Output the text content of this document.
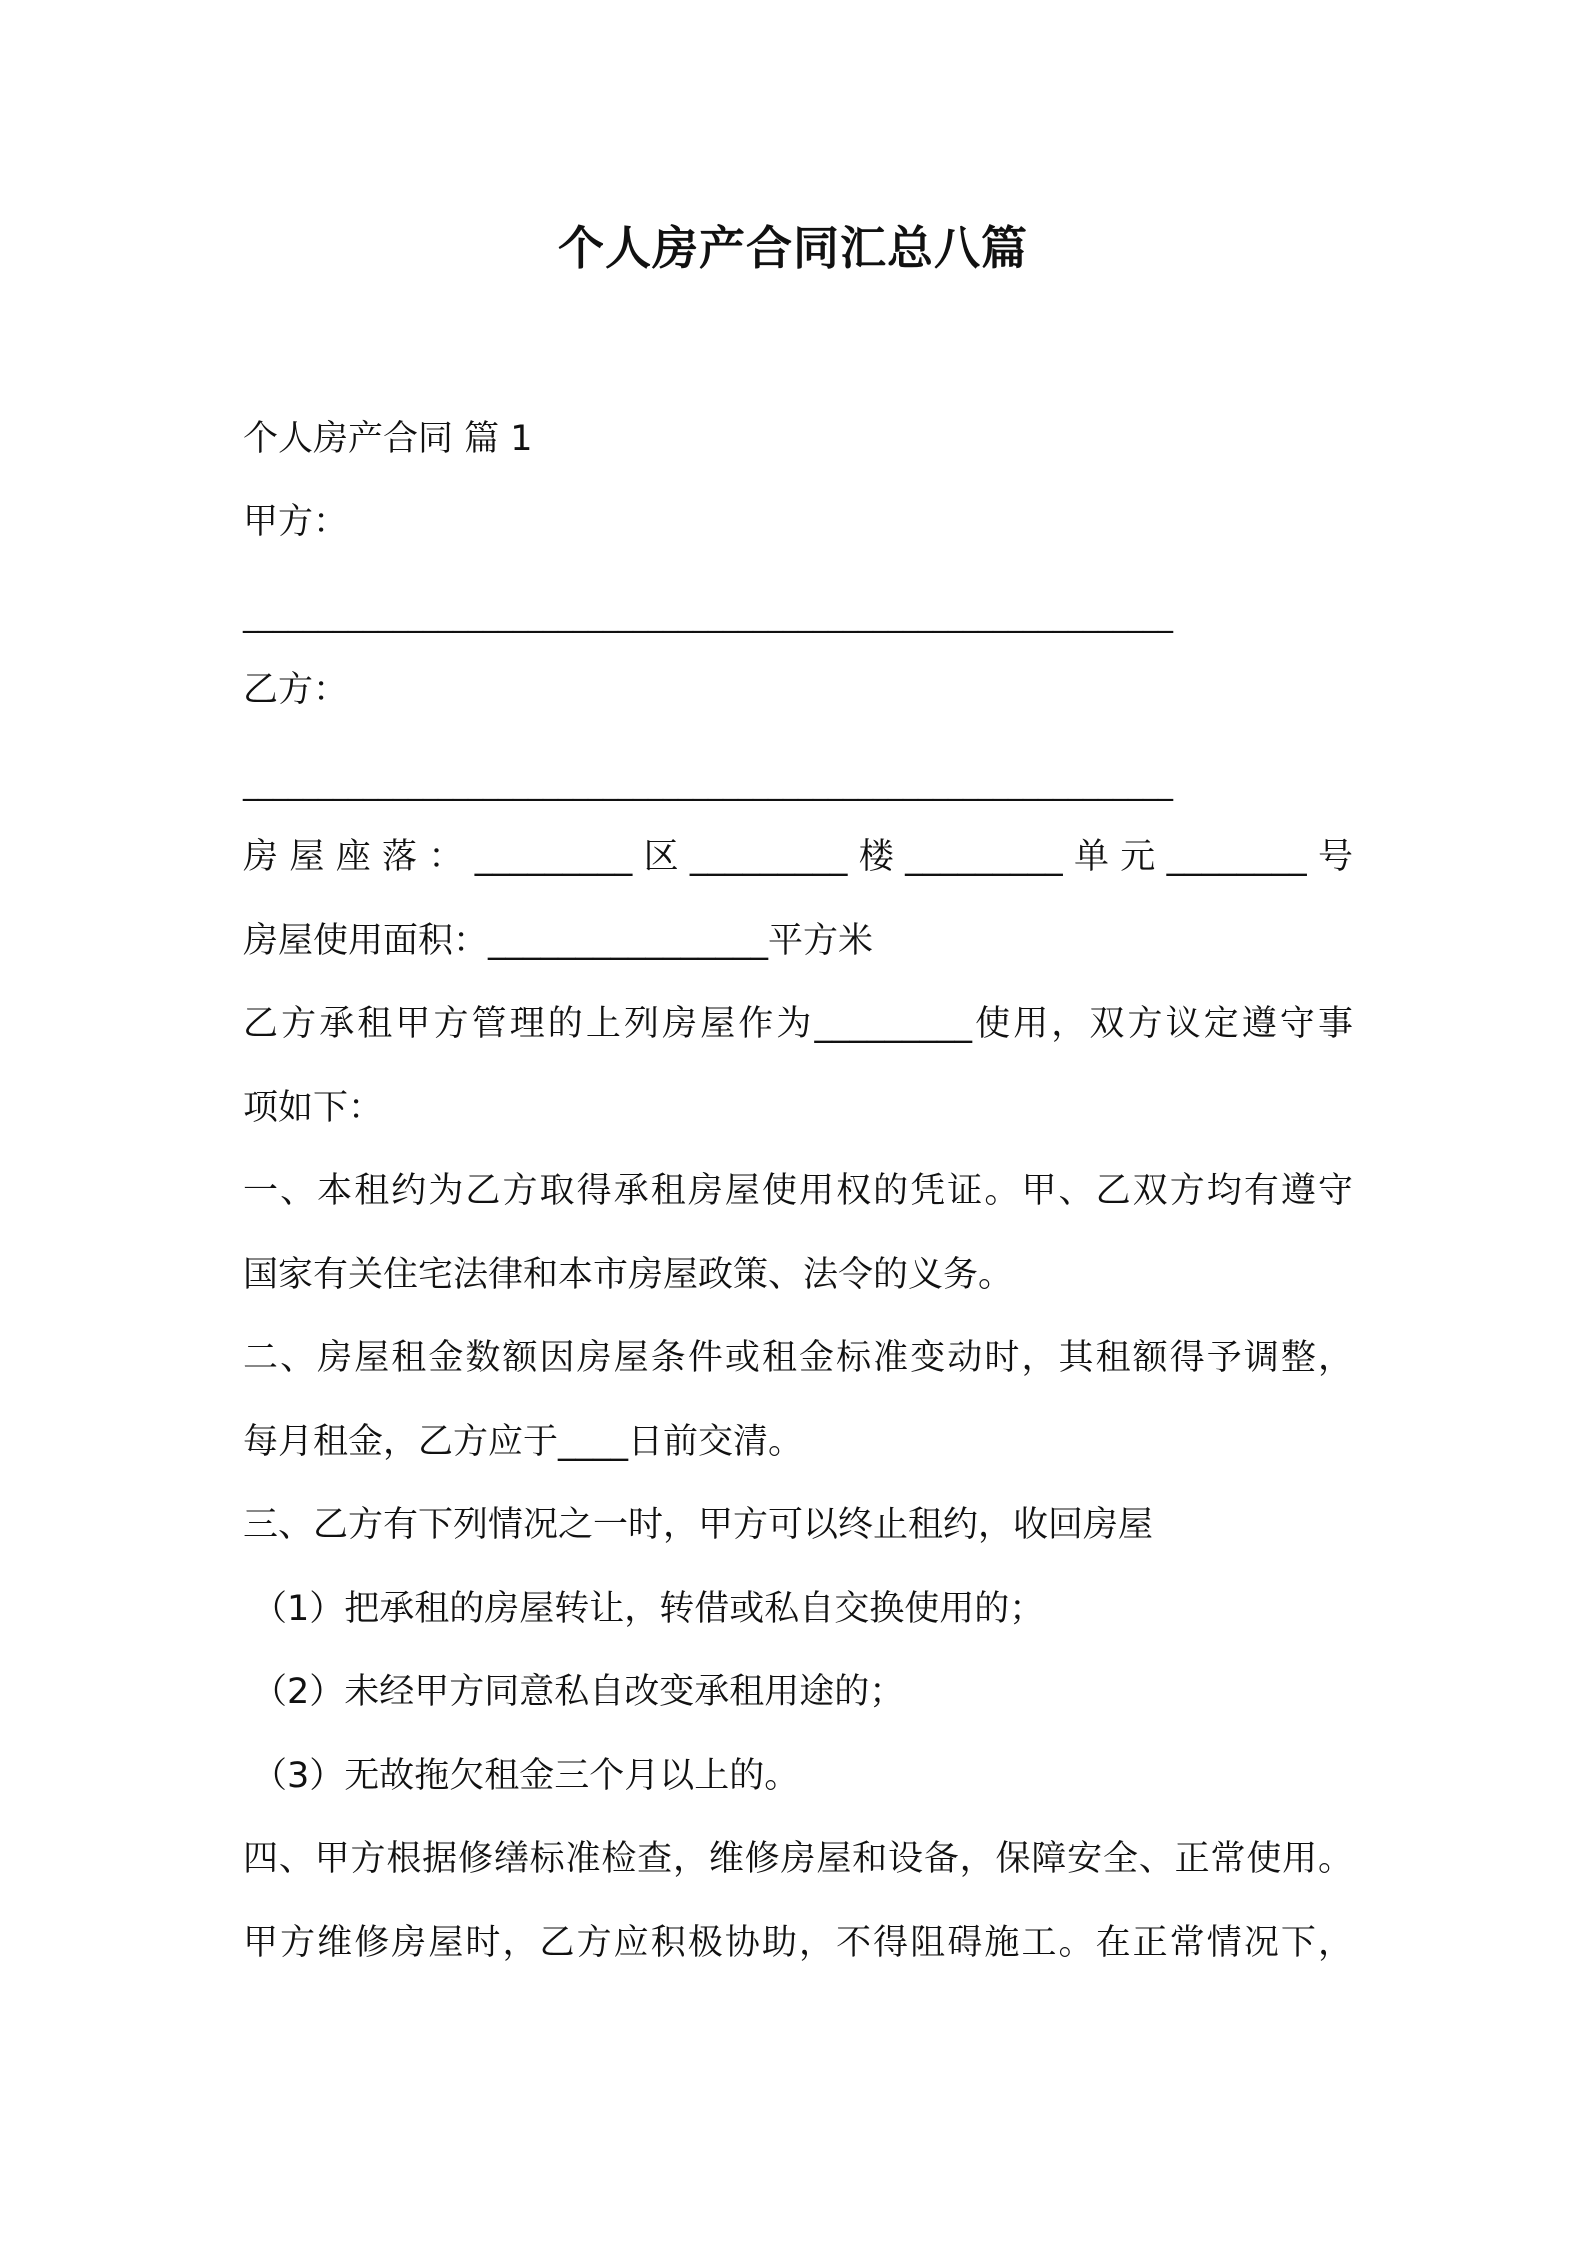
个人房产合同汇总八篇
个人房产合同 篇 1
甲方：
______________________________________________________________
乙方：
______________________________________________________________
房屋座落：_________区_________楼_________单元________号
房屋使用面积：________________平方米
乙方承租甲方管理的上列房屋作为_________使用，双方议定遵守事
项如下：
一、本租约为乙方取得承租房屋使用权的凭证。甲、乙双方均有遵守
国家有关住宅法律和本市房屋政策、法令的义务。
二、房屋租金数额因房屋条件或租金标准变动时，其租额得予调整，
每月租金，乙方应于____日前交清。
三、乙方有下列情况之一时，甲方可以终止租约，收回房屋
（1）把承租的房屋转让，转借或私自交换使用的；
（2）未经甲方同意私自改变承租用途的；
（3）无故拖欠租金三个月以上的。
四、甲方根据修缮标准检查，维修房屋和设备，保障安全、正常使用。
甲方维修房屋时，乙方应积极协助，不得阻碍施工。在正常情况下，
